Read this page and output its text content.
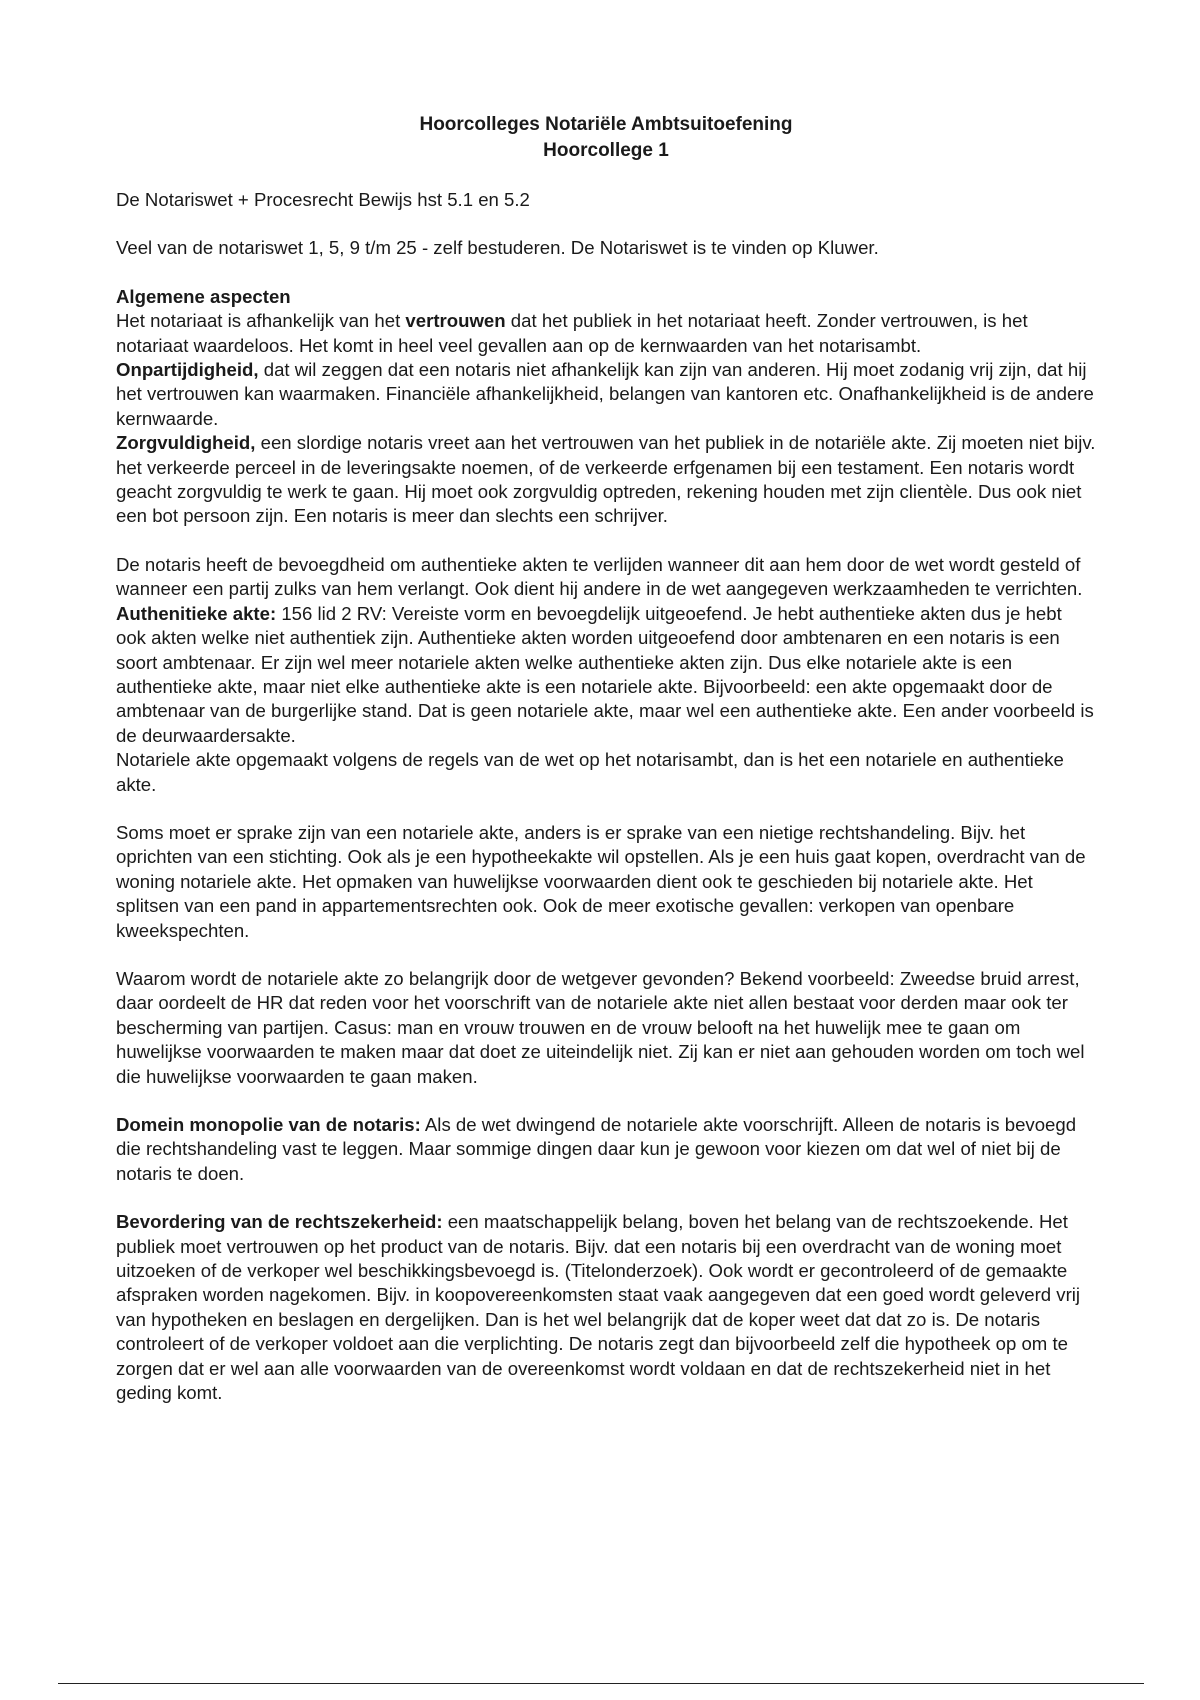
Hoorcolleges Notariële Ambtsuitoefening

Hoorcollege 1

De Notariswet + Procesrecht Bewijs hst 5.1 en 5.2

Veel van de notariswet 1, 5, 9 t/m 25 - zelf bestuderen. De Notariswet is te vinden op Kluwer.

Algemene aspecten

Het notariaat is afhankelijk van het vertrouwen dat het publiek in het notariaat heeft. Zonder vertrouwen, is het notariaat waardeloos. Het komt in heel veel gevallen aan op de kernwaarden van het notarisambt.

Onpartijdigheid, dat wil zeggen dat een notaris niet afhankelijk kan zijn van anderen. Hij moet zodanig vrij zijn, dat hij het vertrouwen kan waarmaken. Financiële afhankelijkheid, belangen van kantoren etc. Onafhankelijkheid is de andere kernwaarde.

Zorgvuldigheid, een slordige notaris vreet aan het vertrouwen van het publiek in de notariële akte. Zij moeten niet bijv. het verkeerde perceel in de leveringsakte noemen, of de verkeerde erfgenamen bij een testament. Een notaris wordt geacht zorgvuldig te werk te gaan. Hij moet ook zorgvuldig optreden, rekening houden met zijn clientèle. Dus ook niet een bot persoon zijn. Een notaris is meer dan slechts een schrijver.

De notaris heeft de bevoegdheid om authentieke akten te verlijden wanneer dit aan hem door de wet wordt gesteld of wanneer een partij zulks van hem verlangt. Ook dient hij andere in de wet aangegeven werkzaamheden te verrichten.

Authenitieke akte: 156 lid 2 RV: Vereiste vorm en bevoegdelijk uitgeoefend. Je hebt authentieke akten dus je hebt ook akten welke niet authentiek zijn. Authentieke akten worden uitgeoefend door ambtenaren en een notaris is een soort ambtenaar. Er zijn wel meer notariele akten welke authentieke akten zijn. Dus elke notariele akte is een authentieke akte, maar niet elke authentieke akte is een notariele akte. Bijvoorbeeld: een akte opgemaakt door de ambtenaar van de burgerlijke stand. Dat is geen notariele akte, maar wel een authentieke akte. Een ander voorbeeld is de deurwaardersakte.

Notariele akte opgemaakt volgens de regels van de wet op het notarisambt, dan is het een notariele en authentieke akte.

Soms moet er sprake zijn van een notariele akte, anders is er sprake van een nietige rechtshandeling. Bijv. het oprichten van een stichting. Ook als je een hypotheekakte wil opstellen. Als je een huis gaat kopen, overdracht van de woning notariele akte. Het opmaken van huwelijkse voorwaarden dient ook te geschieden bij notariele akte. Het splitsen van een pand in appartementsrechten ook. Ook de meer exotische gevallen: verkopen van openbare kweekspechten.

Waarom wordt de notariele akte zo belangrijk door de wetgever gevonden? Bekend voorbeeld: Zweedse bruid arrest, daar oordeelt de HR dat reden voor het voorschrift van de notariele akte niet allen bestaat voor derden maar ook ter bescherming van partijen. Casus: man en vrouw trouwen en de vrouw belooft na het huwelijk mee te gaan om huwelijkse voorwaarden te maken maar dat doet ze uiteindelijk niet. Zij kan er niet aan gehouden worden om toch wel die huwelijkse voorwaarden te gaan maken.

Domein monopolie van de notaris: Als de wet dwingend de notariele akte voorschrijft. Alleen de notaris is bevoegd die rechtshandeling vast te leggen. Maar sommige dingen daar kun je gewoon voor kiezen om dat wel of niet bij de notaris te doen.

Bevordering van de rechtszekerheid: een maatschappelijk belang, boven het belang van de rechtszoekende. Het publiek moet vertrouwen op het product van de notaris. Bijv. dat een notaris bij een overdracht van de woning moet uitzoeken of de verkoper wel beschikkingsbevoegd is. (Titelonderzoek). Ook wordt er gecontroleerd of de gemaakte afspraken worden nagekomen. Bijv. in koopovereenkomsten staat vaak aangegeven dat een goed wordt geleverd vrij van hypotheken en beslagen en dergelijken. Dan is het wel belangrijk dat de koper weet dat dat zo is. De notaris controleert of de verkoper voldoet aan die verplichting. De notaris zegt dan bijvoorbeeld zelf die hypotheek op om te zorgen dat er wel aan alle voorwaarden van de overeenkomst wordt voldaan en dat de rechtszekerheid niet in het geding komt.
